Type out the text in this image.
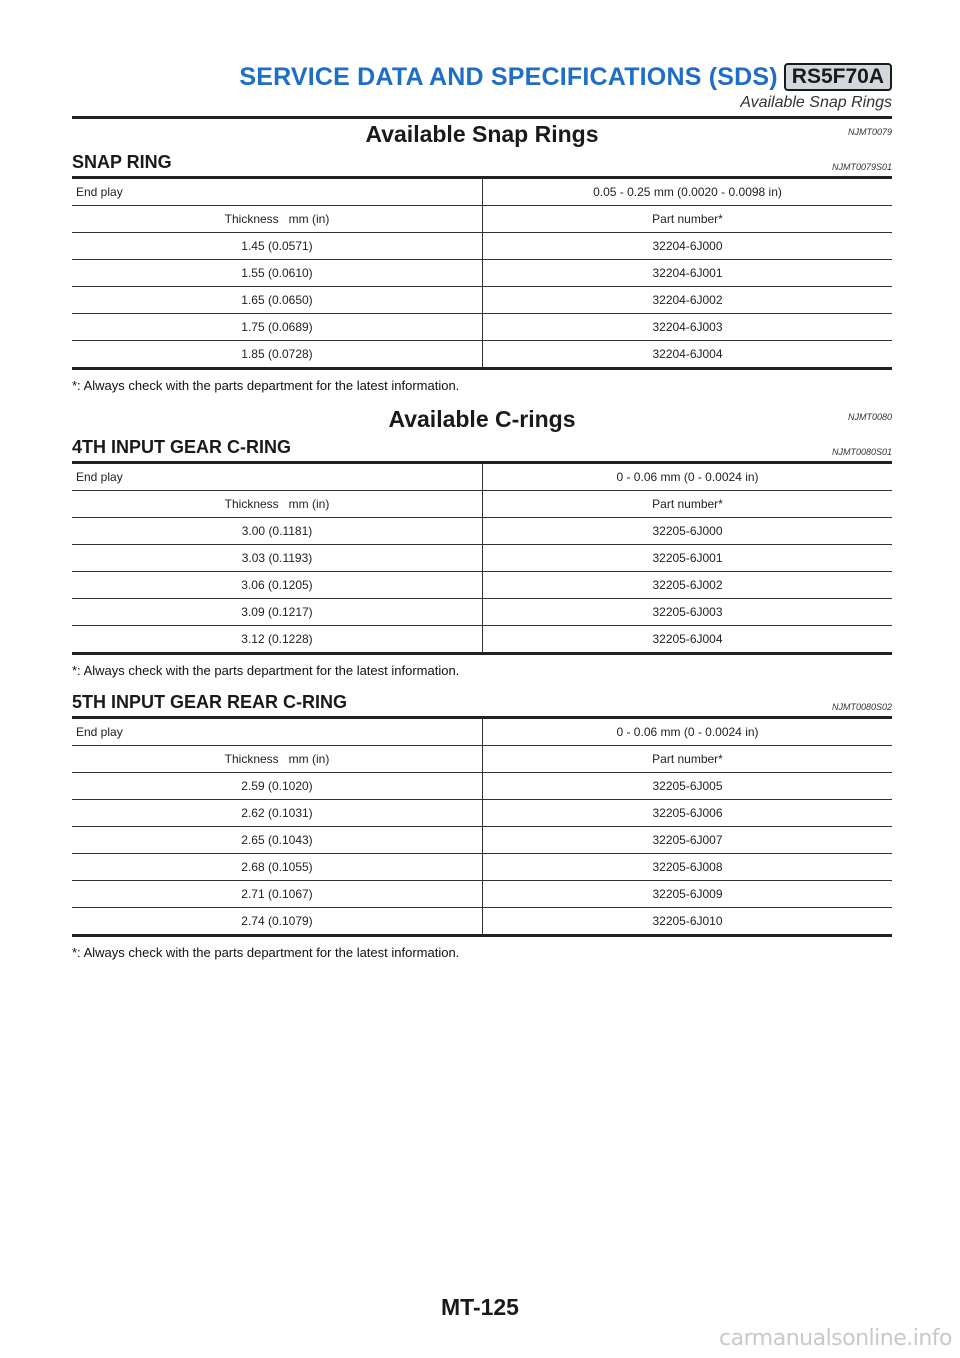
SERVICE DATA AND SPECIFICATIONS (SDS) RS5F70A
Available Snap Rings
Available Snap Rings	NJMT0079
SNAP RING	NJMT0079S01
End play	0.05 - 0.25 mm (0.0020 - 0.0098 in)
Thickness   mm (in)	Part number*
1.45 (0.0571)	32204-6J000
1.55 (0.0610)	32204-6J001
1.65 (0.0650)	32204-6J002
1.75 (0.0689)	32204-6J003
1.85 (0.0728)	32204-6J004
*: Always check with the parts department for the latest information.
Available C-rings	NJMT0080
4TH INPUT GEAR C-RING	NJMT0080S01
End play	0 - 0.06 mm (0 - 0.0024 in)
Thickness   mm (in)	Part number*
3.00 (0.1181)	32205-6J000
3.03 (0.1193)	32205-6J001
3.06 (0.1205)	32205-6J002
3.09 (0.1217)	32205-6J003
3.12 (0.1228)	32205-6J004
*: Always check with the parts department for the latest information.
5TH INPUT GEAR REAR C-RING	NJMT0080S02
End play	0 - 0.06 mm (0 - 0.0024 in)
Thickness   mm (in)	Part number*
2.59 (0.1020)	32205-6J005
2.62 (0.1031)	32205-6J006
2.65 (0.1043)	32205-6J007
2.68 (0.1055)	32205-6J008
2.71 (0.1067)	32205-6J009
2.74 (0.1079)	32205-6J010
*: Always check with the parts department for the latest information.
MT-125
carmanualsonline.info
